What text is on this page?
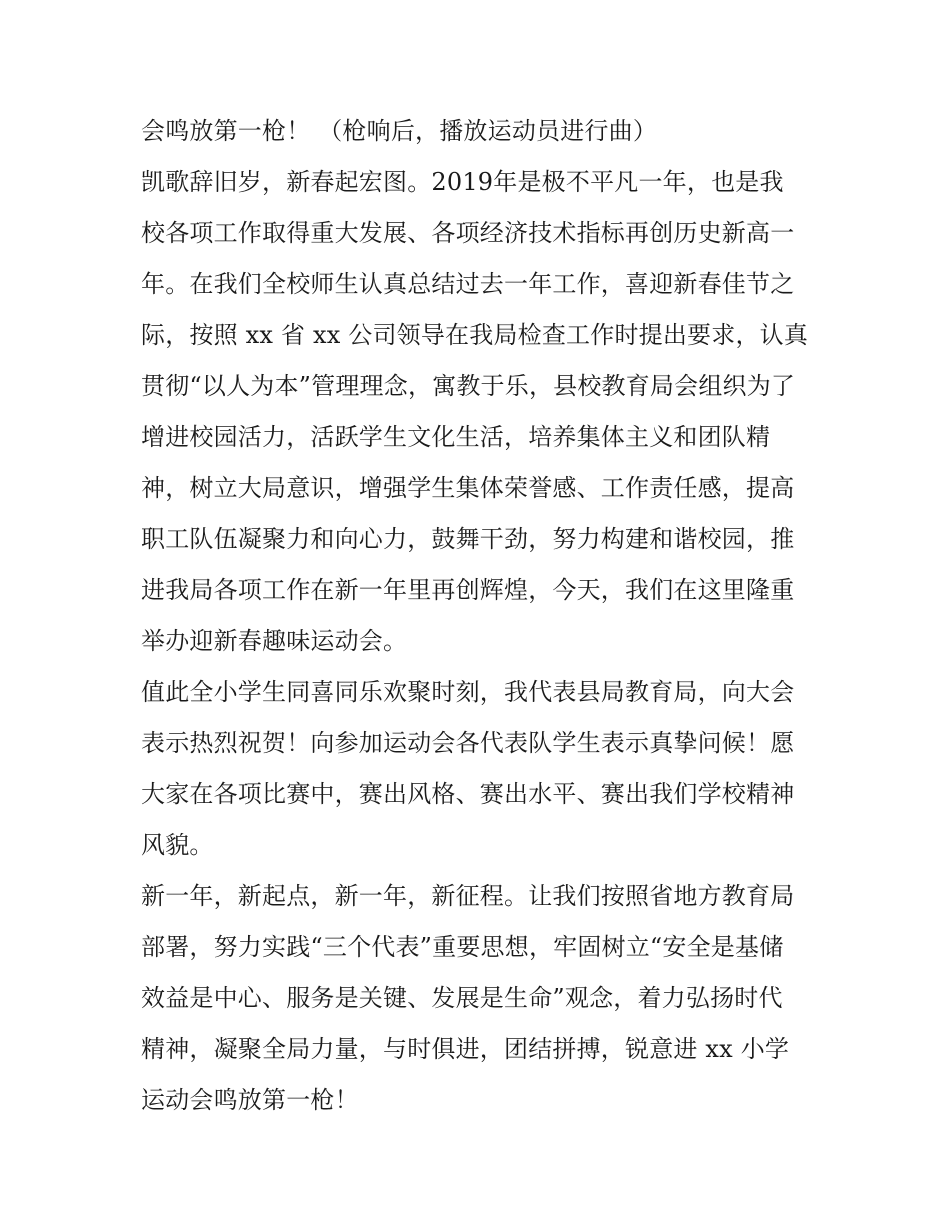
会鸣放第一枪！ （枪响后，播放运动员进行曲）
凯歌辞旧岁，新春起宏图。2019年是极不平凡一年，也是我
校各项工作取得重大发展、各项经济技术指标再创历史新高一
年。在我们全校师生认真总结过去一年工作，喜迎新春佳节之
际，按照 xx 省 xx 公司领导在我局检查工作时提出要求，认真
贯彻“以人为本”管理理念，寓教于乐，县校教育局会组织为了
增进校园活力，活跃学生文化生活，培养集体主义和团队精
神，树立大局意识，增强学生集体荣誉感、工作责任感，提高
职工队伍凝聚力和向心力，鼓舞干劲，努力构建和谐校园，推
进我局各项工作在新一年里再创辉煌，今天，我们在这里隆重
举办迎新春趣味运动会。
值此全小学生同喜同乐欢聚时刻，我代表县局教育局，向大会
表示热烈祝贺！向参加运动会各代表队学生表示真挚问候！愿
大家在各项比赛中，赛出风格、赛出水平、赛出我们学校精神
风貌。
新一年，新起点，新一年，新征程。让我们按照省地方教育局
部署，努力实践“三个代表”重要思想，牢固树立“安全是基储
效益是中心、服务是关键、发展是生命”观念，着力弘扬时代
精神，凝聚全局力量，与时俱进，团结拼搏，锐意进 xx 小学
运动会鸣放第一枪！
